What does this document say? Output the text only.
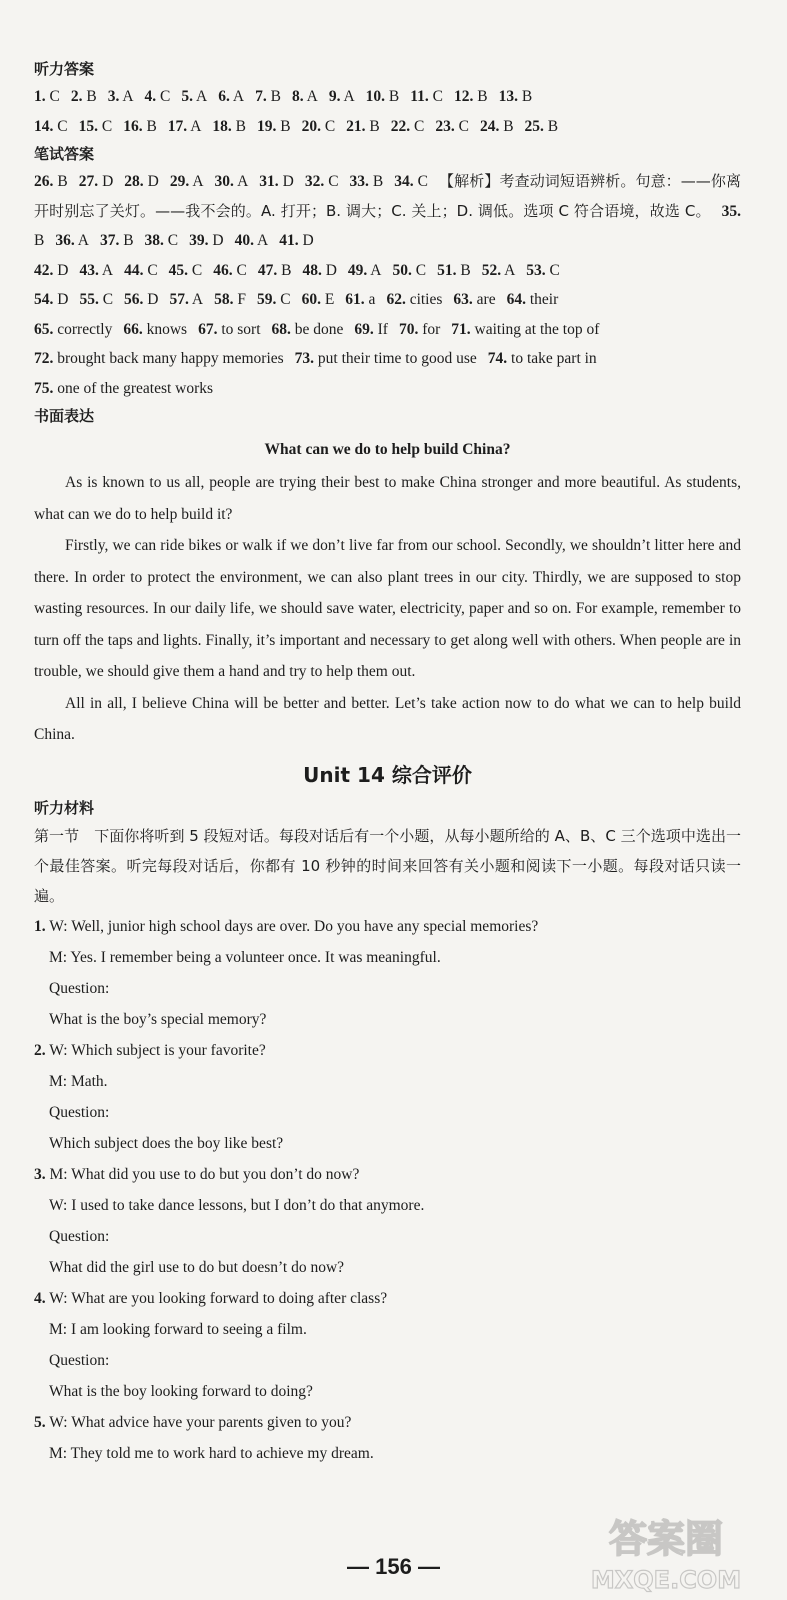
听力答案
1. C 2. B 3. A 4. C 5. A 6. A 7. B 8. A 9. A 10. B 11. C 12. B 13. B
14. C 15. C 16. B 17. A 18. B 19. B 20. C 21. B 22. C 23. C 24. B 25. B
笔试答案
26. B 27. D 28. D 29. A 30. A 31. D 32. C 33. B 34. C 【解析】考查动词短语辨析。句意：——你离开时别忘了关灯。——我不会的。A. 打开；B. 调大；C. 关上；D. 调低。选项 C 符合语境，故选 C。 35. B 36. A 37. B 38. C 39. D 40. A 41. D
42. D 43. A 44. C 45. C 46. C 47. B 48. D 49. A 50. C 51. B 52. A 53. C
54. D 55. C 56. D 57. A 58. F 59. C 60. E 61. a 62. cities 63. are 64. their
65. correctly 66. knows 67. to sort 68. be done 69. If 70. for 71. waiting at the top of
72. brought back many happy memories 73. put their time to good use 74. to take part in
75. one of the greatest works
书面表达
What can we do to help build China?

As is known to us all, people are trying their best to make China stronger and more beautiful. As students, what can we do to help build it?

Firstly, we can ride bikes or walk if we don’t live far from our school. Secondly, we shouldn’t litter here and there. In order to protect the environment, we can also plant trees in our city. Thirdly, we are supposed to stop wasting resources. In our daily life, we should save water, electricity, paper and so on. For example, remember to turn off the taps and lights. Finally, it’s important and necessary to get along well with others. When people are in trouble, we should give them a hand and try to help them out.

All in all, I believe China will be better and better. Let’s take action now to do what we can to help build China.

Unit 14 综合评价
听力材料

第一节　下面你将听到 5 段短对话。每段对话后有一个小题，从每小题所给的 A、B、C 三个选项中选出一个最佳答案。听完每段对话后，你都有 10 秒钟的时间来回答有关小题和阅读下一小题。每段对话只读一遍。

1. W: Well, junior high school days are over. Do you have any special memories?
M: Yes. I remember being a volunteer once. It was meaningful.
Question:
What is the boy’s special memory?
2. W: Which subject is your favorite?
M: Math.
Question:
Which subject does the boy like best?
3. M: What did you use to do but you don’t do now?
W: I used to take dance lessons, but I don’t do that anymore.
Question:
What did the girl use to do but doesn’t do now?
4. W: What are you looking forward to doing after class?
M: I am looking forward to seeing a film.
Question:
What is the boy looking forward to doing?
5. W: What advice have your parents given to you?
M: They told me to work hard to achieve my dream.
— 156 —
答案圈
MXQE.COM
